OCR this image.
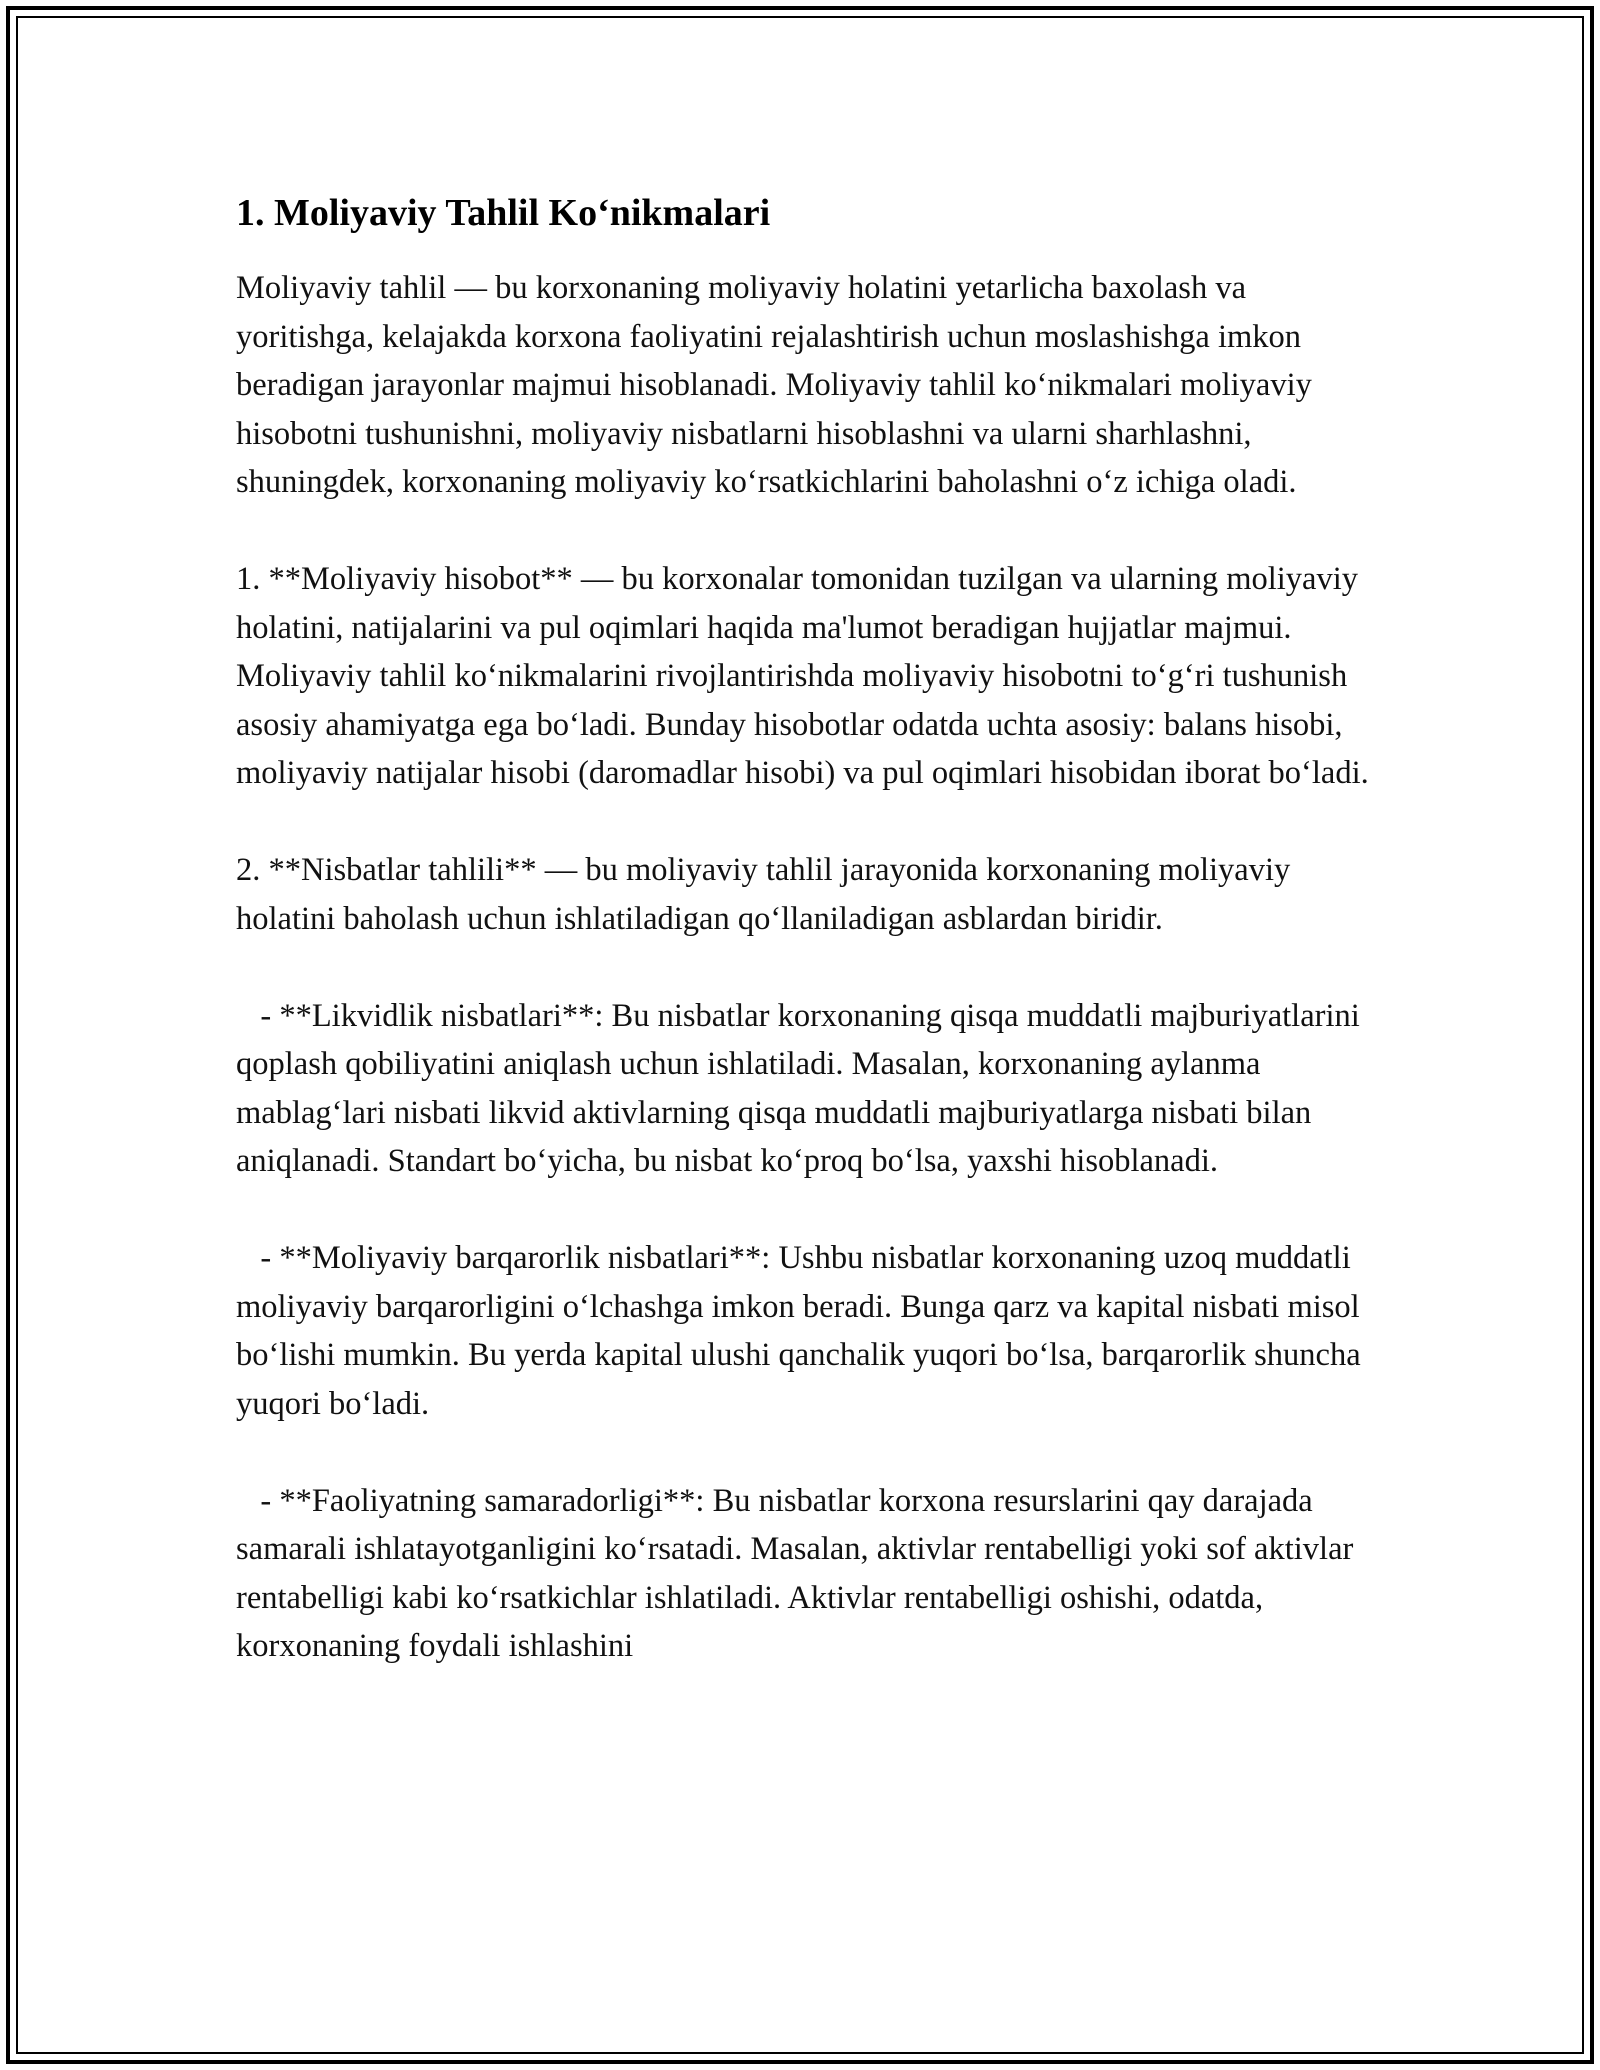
1. Moliyaviy Tahlil Ko‘nikmalari

Moliyaviy tahlil — bu korxonaning moliyaviy holatini yetarlicha baxolash va yoritishga, kelajakda korxona faoliyatini rejalashtirish uchun moslashishga imkon beradigan jarayonlar majmui hisoblanadi. Moliyaviy tahlil ko‘nikmalari moliyaviy hisobotni tushunishni, moliyaviy nisbatlarni hisoblashni va ularni sharhlashni, shuningdek, korxonaning moliyaviy ko‘rsatkichlarini baholashni o‘z ichiga oladi.

1. **Moliyaviy hisobot** — bu korxonalar tomonidan tuzilgan va ularning moliyaviy holatini, natijalarini va pul oqimlari haqida ma'lumot beradigan hujjatlar majmui. Moliyaviy tahlil ko‘nikmalarini rivojlantirishda moliyaviy hisobotni to‘g‘ri tushunish asosiy ahamiyatga ega bo‘ladi. Bunday hisobotlar odatda uchta asosiy: balans hisobi, moliyaviy natijalar hisobi (daromadlar hisobi) va pul oqimlari hisobidan iborat bo‘ladi.

2. **Nisbatlar tahlili** — bu moliyaviy tahlil jarayonida korxonaning moliyaviy holatini baholash uchun ishlatiladigan qo‘llaniladigan asblardan biridir.

- **Likvidlik nisbatlari**: Bu nisbatlar korxonaning qisqa muddatli majburiyatlarini qoplash qobiliyatini aniqlash uchun ishlatiladi. Masalan, korxonaning aylanma mablag‘lari nisbati likvid aktivlarning qisqa muddatli majburiyatlarga nisbati bilan aniqlanadi. Standart bo‘yicha, bu nisbat ko‘proq bo‘lsa, yaxshi hisoblanadi.

- **Moliyaviy barqarorlik nisbatlari**: Ushbu nisbatlar korxonaning uzoq muddatli moliyaviy barqarorligini o‘lchashga imkon beradi. Bunga qarz va kapital nisbati misol bo‘lishi mumkin. Bu yerda kapital ulushi qanchalik yuqori bo‘lsa, barqarorlik shuncha yuqori bo‘ladi.

- **Faoliyatning samaradorligi**: Bu nisbatlar korxona resurslarini qay darajada samarali ishlatayotganligini ko‘rsatadi. Masalan, aktivlar rentabelligi yoki sof aktivlar rentabelligi kabi ko‘rsatkichlar ishlatiladi. Aktivlar rentabelligi oshishi, odatda, korxonaning foydali ishlashini
